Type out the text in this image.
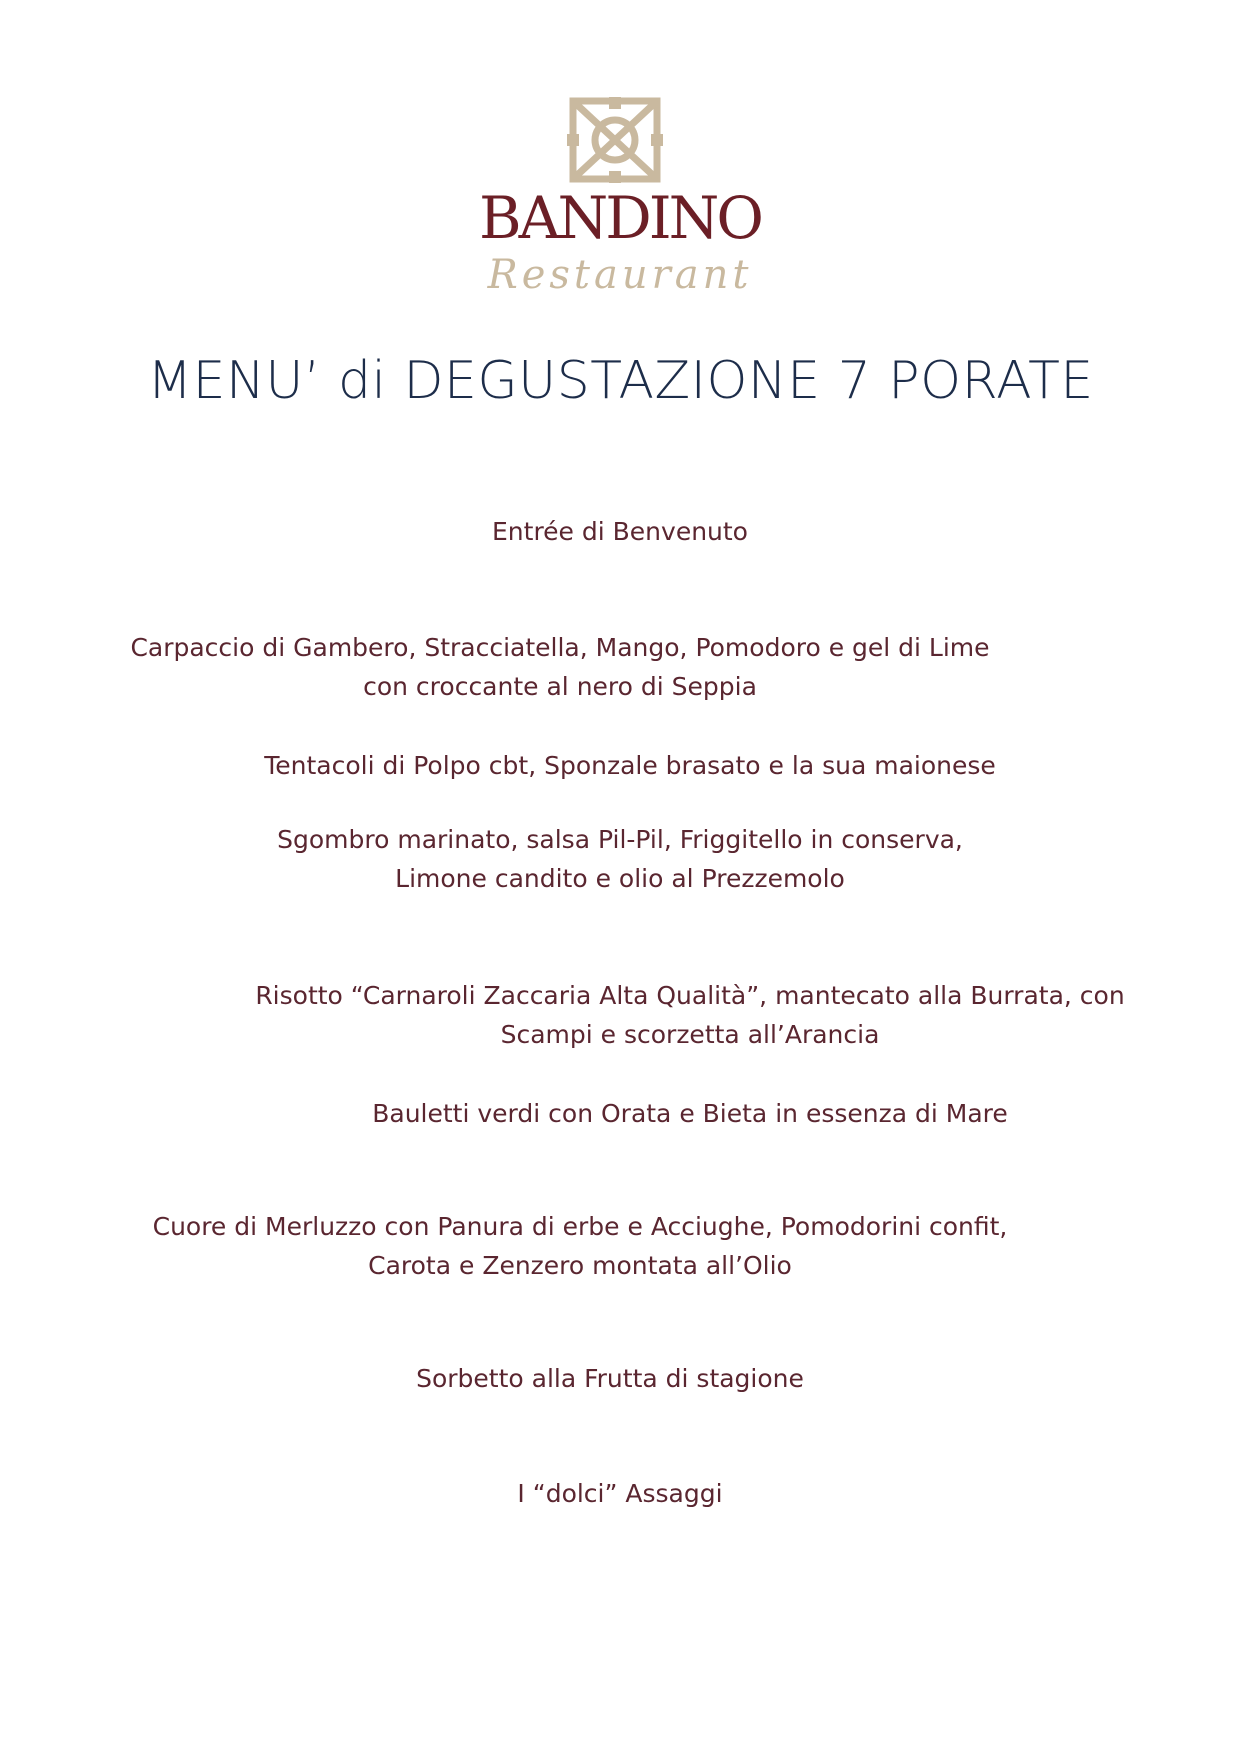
BANDINO
Restaurant
MENU’ di DEGUSTAZIONE 7 PORATE
Entrée di Benvenuto
Carpaccio di Gambero, Stracciatella, Mango, Pomodoro e gel di Lime
con croccante al nero di Seppia
Tentacoli di Polpo cbt, Sponzale brasato e la sua maionese
Sgombro marinato, salsa Pil-Pil, Friggitello in conserva,
Limone candito e olio al Prezzemolo
Risotto “Carnaroli Zaccaria Alta Qualità”, mantecato alla Burrata, con
Scampi e scorzetta all’Arancia
Bauletti verdi con Orata e Bieta in essenza di Mare
Cuore di Merluzzo con Panura di erbe e Acciughe, Pomodorini confit,
Carota e Zenzero montata all’Olio
Sorbetto alla Frutta di stagione
I “dolci” Assaggi
